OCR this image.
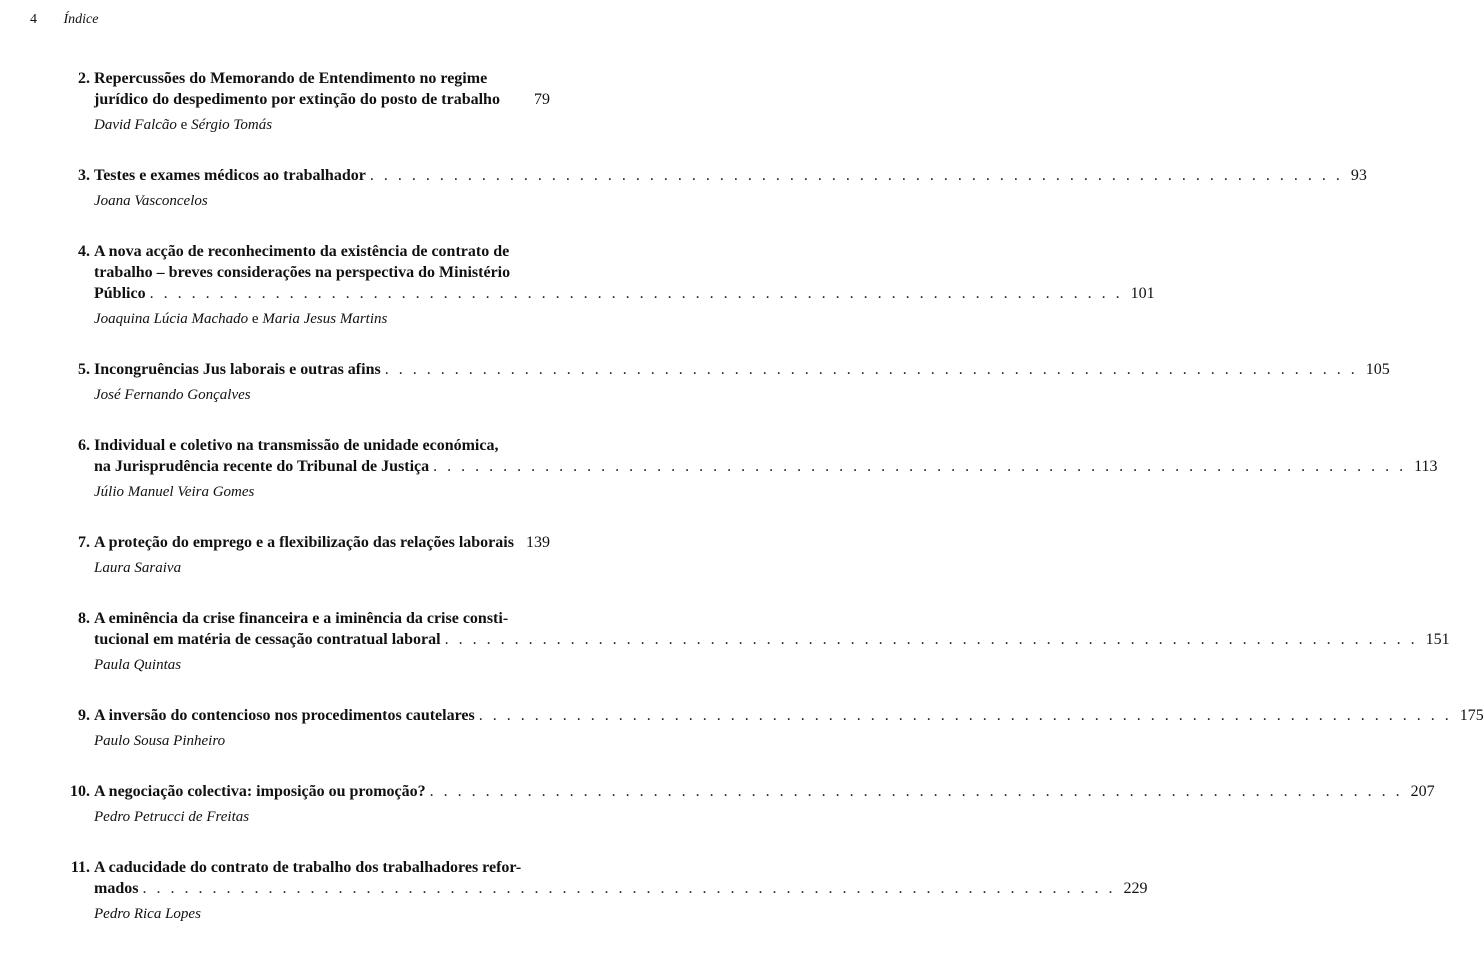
4 Índice
2. Repercussões do Memorando de Entendimento no regime
jurídico do despedimento por extinção do posto de trabalho 79
David Falcão e Sérgio Tomás
3. Testes e exames médicos ao trabalhador . . . . . . . . . . . . . . . . . . . . . . . . . . . . . . . . . . . . . . . . . . . . . . . . . . . . . . . . . . . . . . . . . . . . . . 93
Joana Vasconcelos
4. A nova acção de reconhecimento da existência de contrato de
trabalho – breves considerações na perspectiva do Ministério
Público . . . . . . . . . . . . . . . . . . . . . . . . . . . . . . . . . . . . . . . . . . . . . . . . . . . . . . . . . . . . . . . . . . . . . . 101
Joaquina Lúcia Machado e Maria Jesus Martins
5. Incongruências Jus laborais e outras afins . . . . . . . . . . . . . . . . . . . . . . . . . . . . . . . . . . . . . . . . . . . . . . . . . . . . . . . . . . . . . . . . . . . . . . 105
José Fernando Gonçalves
6. Individual e coletivo na transmissão de unidade económica,
na Jurisprudência recente do Tribunal de Justiça . . . . . . . . . . . . . . . . . . . . . . . . . . . . . . . . . . . . . . . . . . . . . . . . . . . . . . . . . . . . . . . . . . . . . . 113
Júlio Manuel Veira Gomes
7. A proteção do emprego e a flexibilização das relações laborais 139
Laura Saraiva
8. A eminência da crise financeira e a iminência da crise consti-
tucional em matéria de cessação contratual laboral . . . . . . . . . . . . . . . . . . . . . . . . . . . . . . . . . . . . . . . . . . . . . . . . . . . . . . . . . . . . . . . . . . . . . . 151
Paula Quintas
9. A inversão do contencioso nos procedimentos cautelares . . . . . . . . . . . . . . . . . . . . . . . . . . . . . . . . . . . . . . . . . . . . . . . . . . . . . . . . . . . . . . . . . . . . . . 175
Paulo Sousa Pinheiro
10. A negociação colectiva: imposição ou promoção? . . . . . . . . . . . . . . . . . . . . . . . . . . . . . . . . . . . . . . . . . . . . . . . . . . . . . . . . . . . . . . . . . . . . . . 207
Pedro Petrucci de Freitas
11. A caducidade do contrato de trabalho dos trabalhadores refor-
mados . . . . . . . . . . . . . . . . . . . . . . . . . . . . . . . . . . . . . . . . . . . . . . . . . . . . . . . . . . . . . . . . . . . . . . 229
Pedro Rica Lopes
